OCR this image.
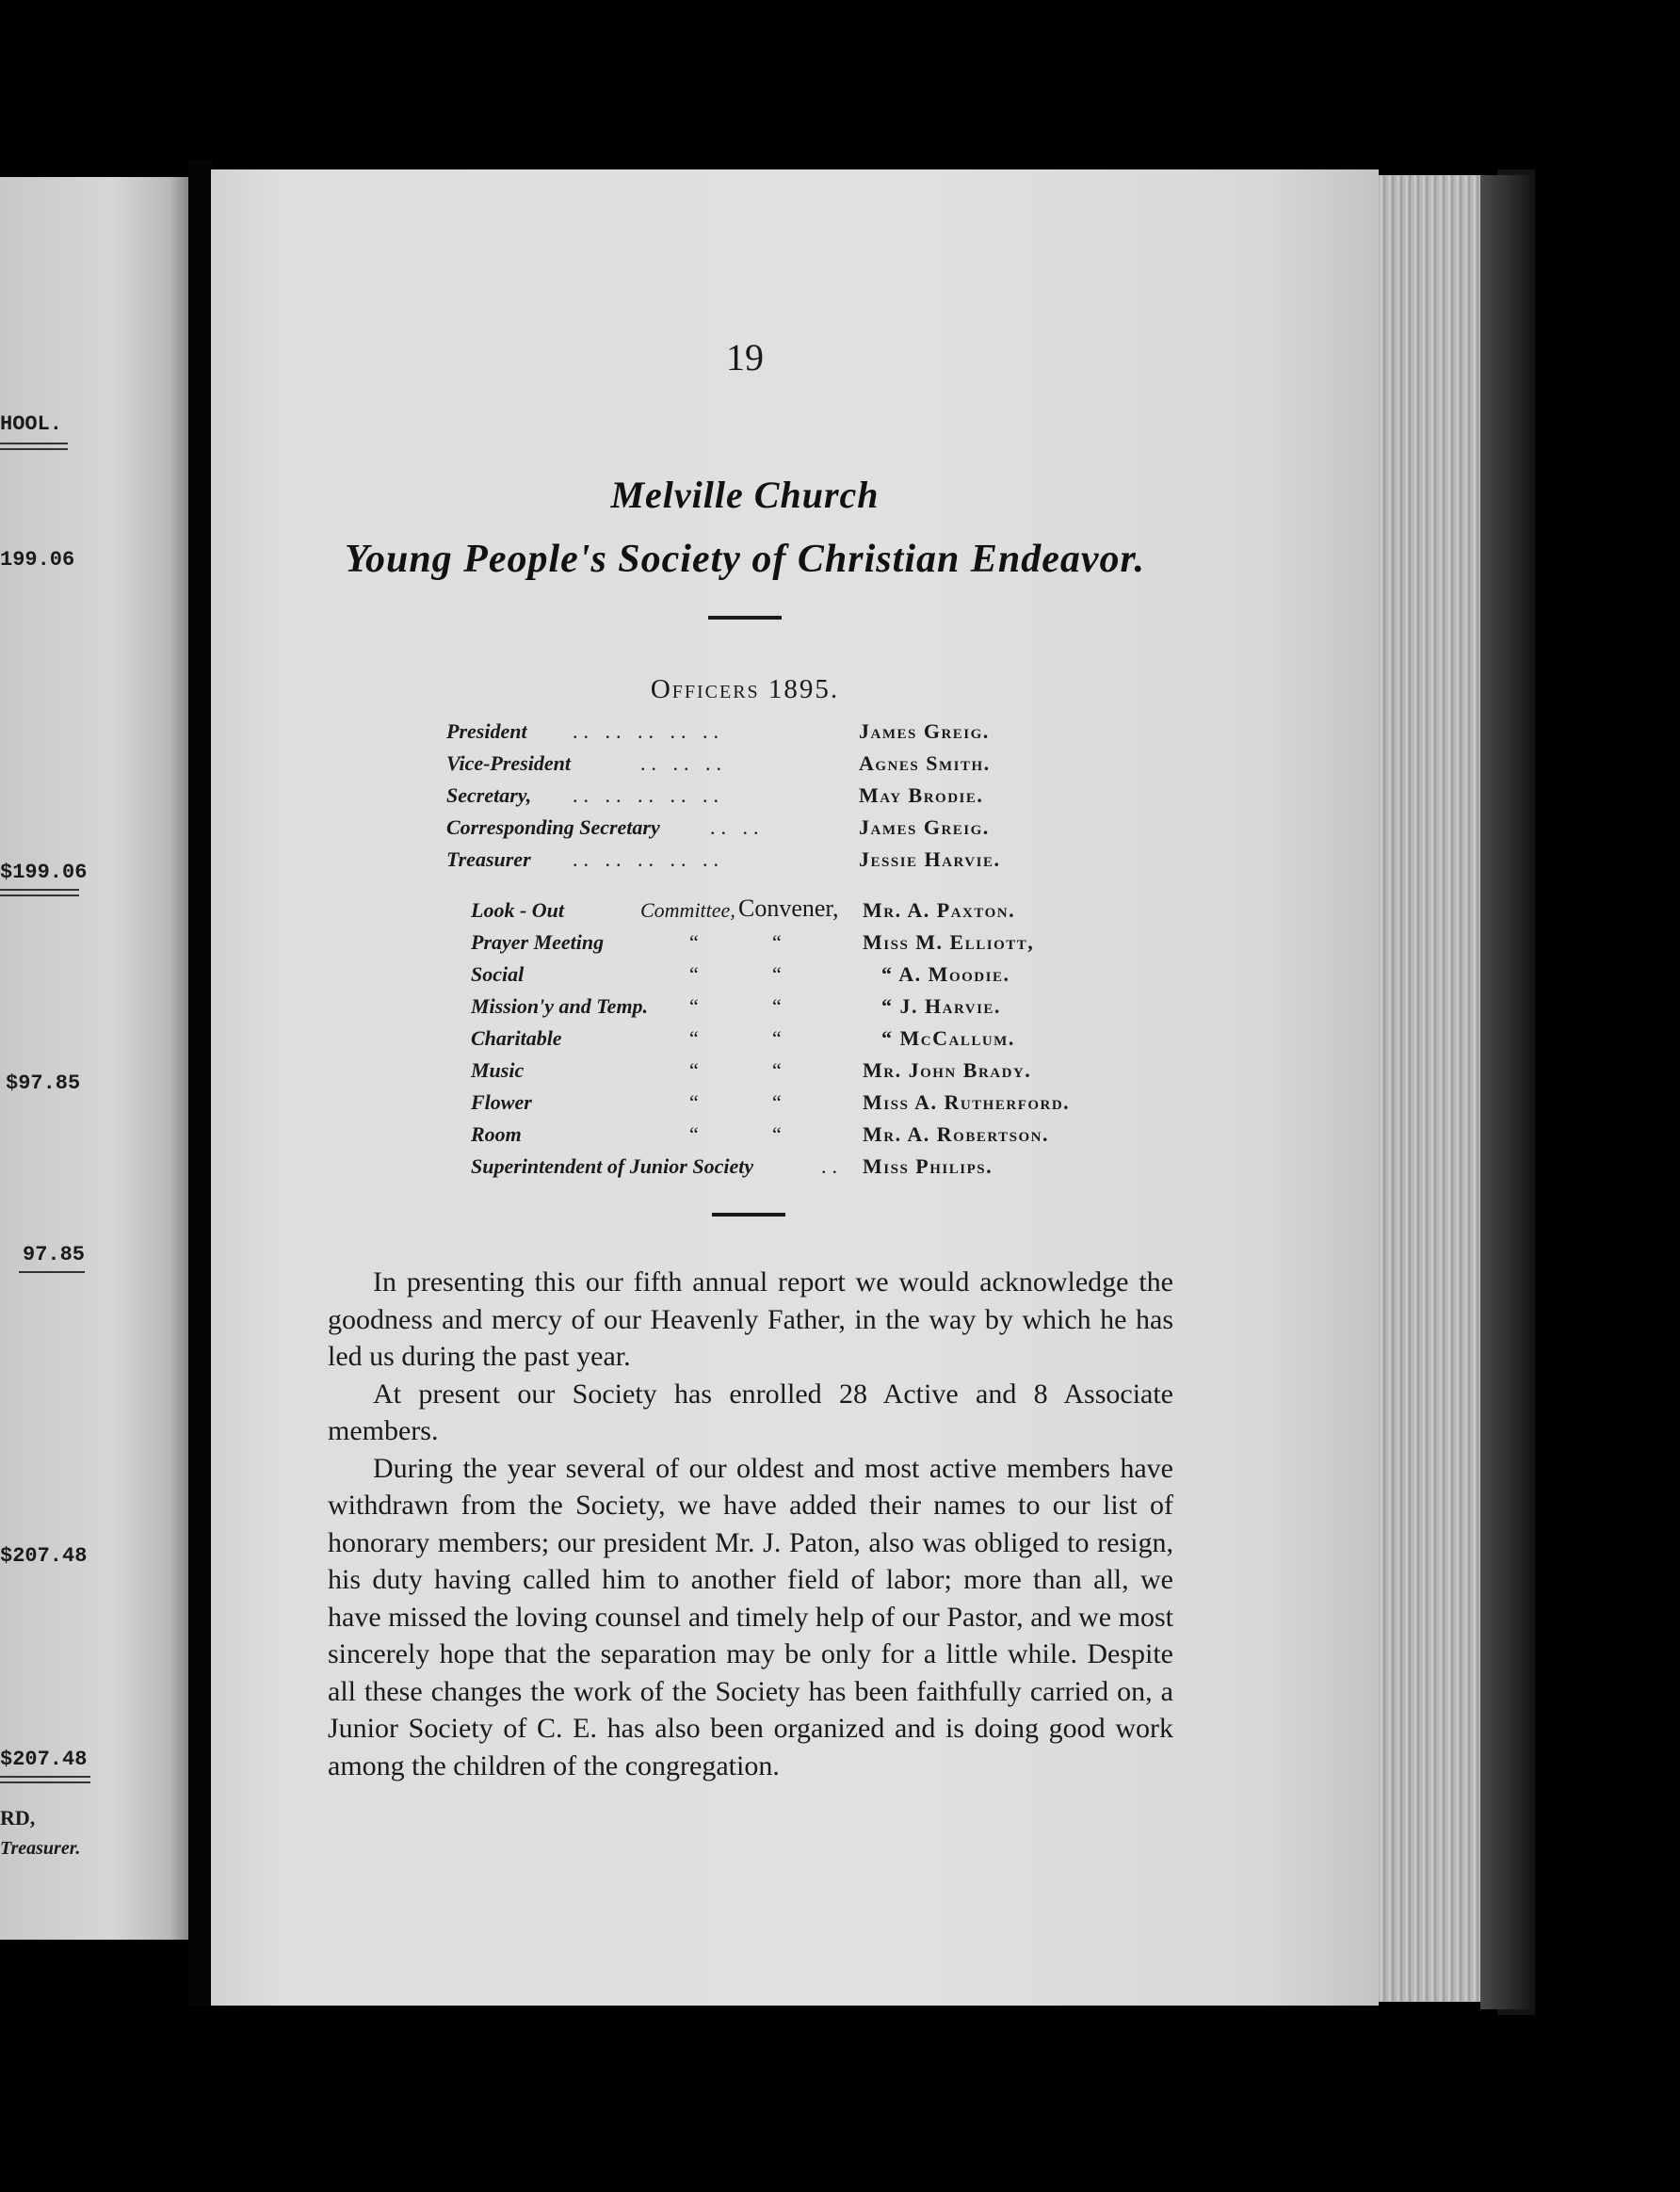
HOOL.
199.06
$199.06
$97.85
97.85
$207.48
$207.48
RD,
Treasurer.
19
Melville Church
Young People's Society of Christian Endeavor.
Officers 1895.
President .. .. .. .. ..	James Greig.
Vice-President	.. .. ..	Agnes Smith.
Secretary, .. .. .. .. ..	May Brodie.
Corresponding Secretary .. ..	James Greig.
Treasurer .. .. .. .. ..	Jessie Harvie.
Look - Out	Committee, Convener, Mr. A. Paxton.
Prayer Meeting	“	“	Miss M. Elliott,
Social	“	“	“ A. Moodie.
Mission'y and Temp. “	“	“ J. Harvie.
Charitable	“	“	“ McCallum.
Music	“	“	Mr. John Brady.
Flower	“	“	Miss A. Rutherford.
Room	“	“	Mr. A. Robertson.
Superintendent of Junior Society	.. Miss Philips.

In presenting this our fifth annual report we would acknowledge the goodness and mercy of our Heavenly Father, in the way by which he has led us during the past year.

At present our Society has enrolled 28 Active and 8 Associate members.

During the year several of our oldest and most active members have withdrawn from the Society, we have added their names to our list of honorary members; our president Mr. J. Paton, also was obliged to resign, his duty having called him to another field of labor; more than all, we have missed the loving counsel and timely help of our Pastor, and we most sincerely hope that the separation may be only for a little while. Despite all these changes the work of the Society has been faithfully carried on, a Junior Society of C. E. has also been organized and is doing good work among the children of the congregation.
